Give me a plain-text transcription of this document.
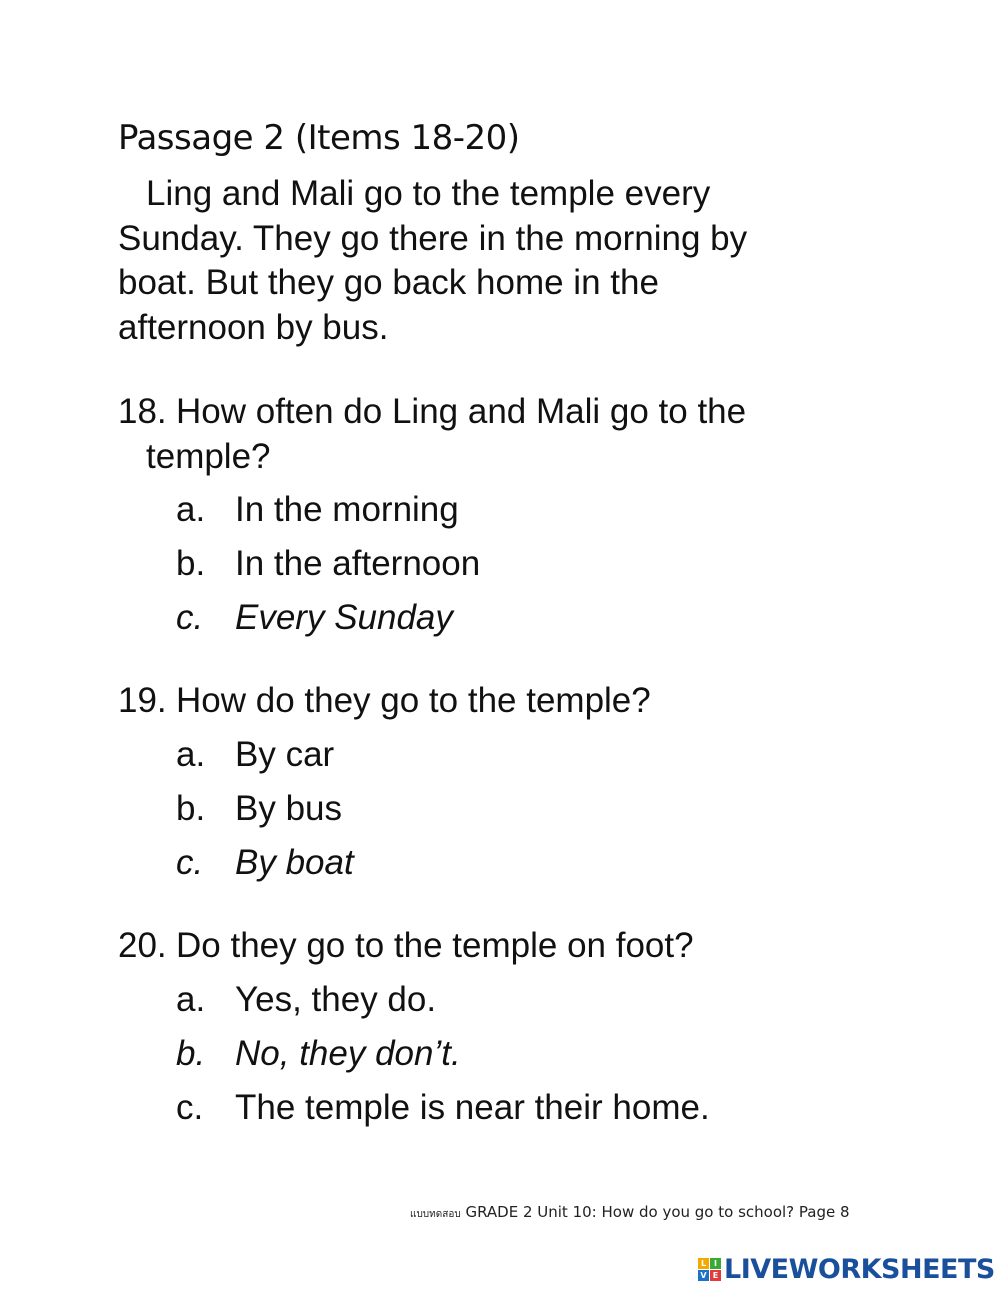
Passage 2 (Items 18-20)
Ling and Mali go to the temple every
Sunday. They go there in the morning by
boat. But they go back home in the
afternoon by bus.
18. How often do Ling and Mali go to the
temple?
a. In the morning
b. In the afternoon
c. Every Sunday
19. How do they go to the temple?
a. By car
b. By bus
c. By boat
20. Do they go to the temple on foot?
a. Yes, they do.
b. No, they don’t.
c. The temple is near their home.
แบบทดสอบ GRADE 2 Unit 10: How do you go to school? Page 8
L I
V E LIVEWORKSHEETS
